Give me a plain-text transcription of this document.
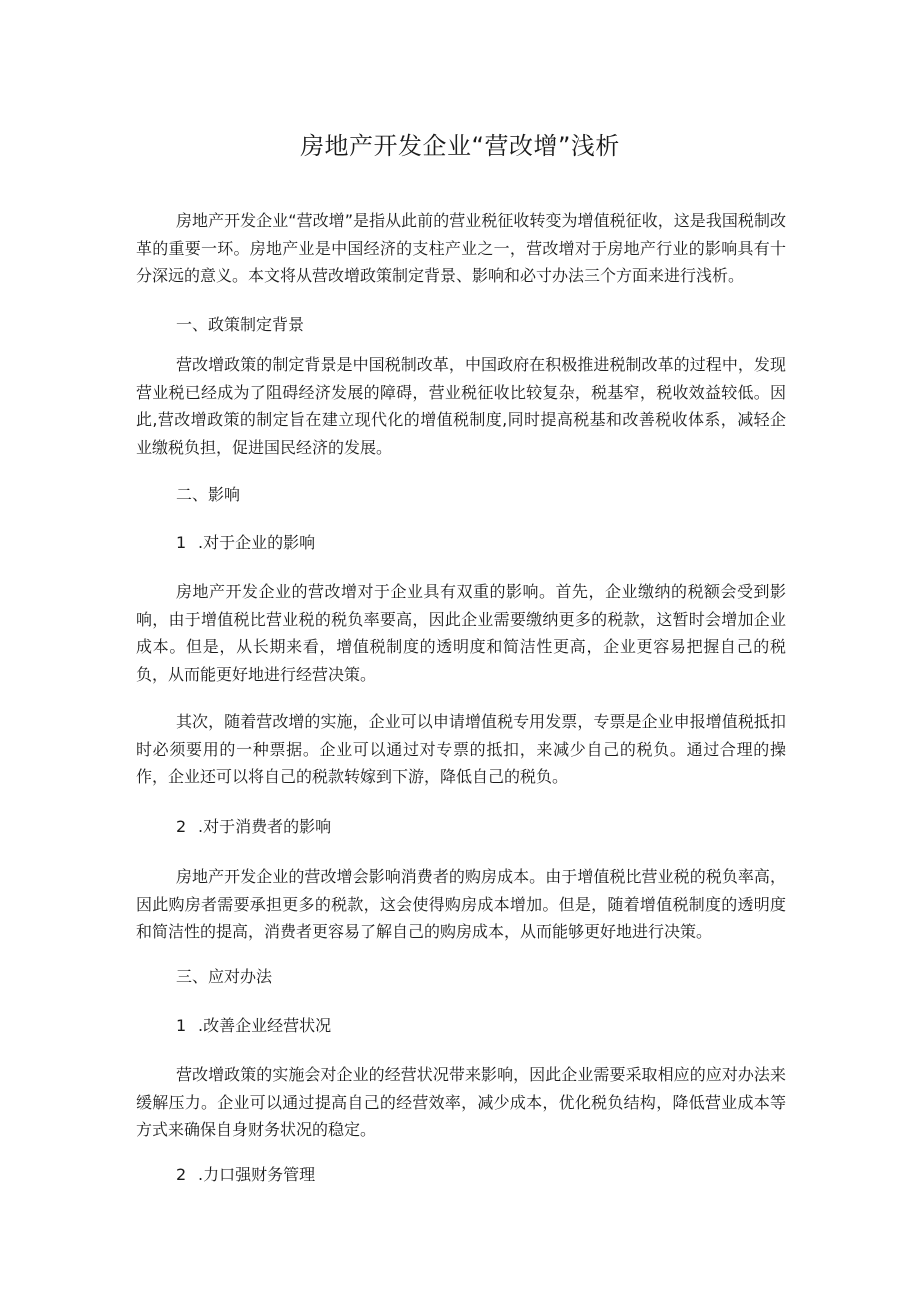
房地产开发企业“营改增”浅析

房地产开发企业“营改增”是指从此前的营业税征收转变为增值税征收，这是我国税制改革的重要一环。房地产业是中国经济的支柱产业之一，营改增对于房地产行业的影响具有十分深远的意义。本文将从营改增政策制定背景、影响和必寸办法三个方面来进行浅析。

一、政策制定背景

营改增政策的制定背景是中国税制改革，中国政府在积极推进税制改革的过程中，发现营业税已经成为了阻碍经济发展的障碍，营业税征收比较复杂，税基窄，税收效益较低。因此,营改增政策的制定旨在建立现代化的增值税制度,同时提高税基和改善税收体系，减轻企业缴税负担，促进国民经济的发展。

二、影响
1 .对于企业的影响

房地产开发企业的营改增对于企业具有双重的影响。首先，企业缴纳的税额会受到影响，由于增值税比营业税的税负率要高，因此企业需要缴纳更多的税款，这暂时会增加企业成本。但是，从长期来看，增值税制度的透明度和简洁性更高，企业更容易把握自己的税负，从而能更好地进行经营决策。

其次，随着营改增的实施，企业可以申请增值税专用发票，专票是企业申报增值税抵扣时必须要用的一种票据。企业可以通过对专票的抵扣，来减少自己的税负。通过合理的操作，企业还可以将自己的税款转嫁到下游，降低自己的税负。

2 .对于消费者的影响

房地产开发企业的营改增会影响消费者的购房成本。由于增值税比营业税的税负率高，因此购房者需要承担更多的税款，这会使得购房成本增加。但是，随着增值税制度的透明度和简洁性的提高，消费者更容易了解自己的购房成本，从而能够更好地进行决策。

三、应对办法
1 .改善企业经营状况

营改增政策的实施会对企业的经营状况带来影响，因此企业需要采取相应的应对办法来缓解压力。企业可以通过提高自己的经营效率，减少成本，优化税负结构，降低营业成本等方式来确保自身财务状况的稳定。

2 .力口强财务管理
